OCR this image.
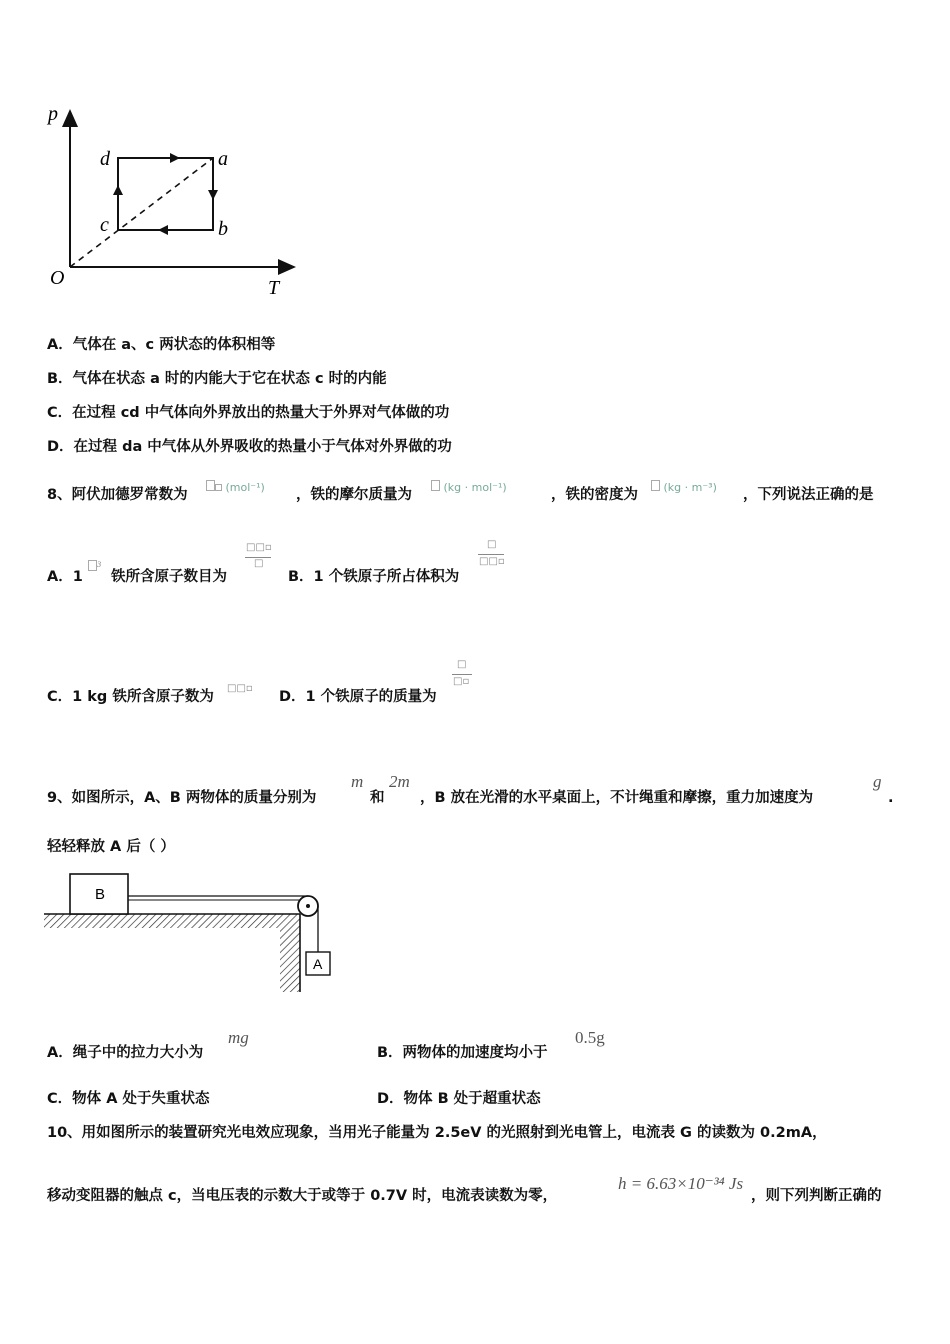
p
T
O
d	a
b
c
A．气体在 a、c 两状态的体积相等
B．气体在状态 a 时的内能大于它在状态 c 时的内能
C．在过程 cd 中气体向外界放出的热量大于外界对气体做的功
D．在过程 da 中气体从外界吸收的热量小于气体对外界做的功
8、阿伏加德罗常数为	(mol⁻¹) ，铁的摩尔质量为	(kg · mol⁻¹)	，铁的密度为	(kg · m⁻³) ，下列说法正确的是
A．1
$^3$
铁所含原子数目为
□□▫
□
B．1 个铁原子所占体积为
□
□□▫
C．1 kg 铁所含原子数为
□□▫
D．1 个铁原子的质量为
□
□▫
9、如图所示，A、B 两物体的质量分别为
m
和
2m
，B 放在光滑的水平桌面上，不计绳重和摩擦，重力加速度为
g
.
轻轻释放 A 后（ ）
B
A
A．绳子中的拉力大小为
mg
B．两物体的加速度均小于
0.5g
C．物体 A 处于失重状态	D．物体 B 处于超重状态
10、用如图所示的装置研究光电效应现象，当用光子能量为 2.5eV 的光照射到光电管上，电流表 G 的读数为 0.2mA，
移动变阻器的触点 c，当电压表的示数大于或等于 0.7V 时，电流表读数为零，
h = 6.63×10⁻³⁴ Js
，则下列判断正确的
